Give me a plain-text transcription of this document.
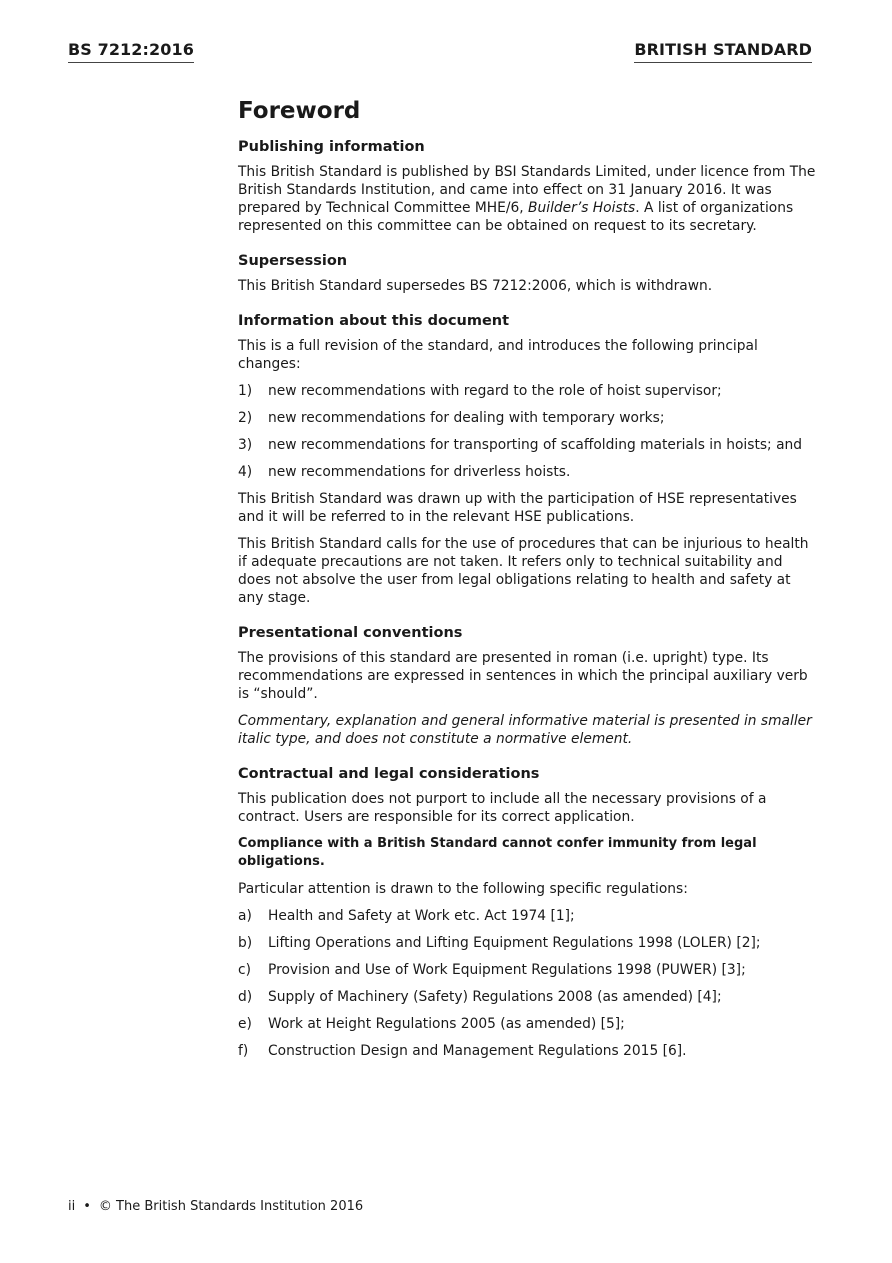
BS 7212:2016	BRITISH STANDARD
Foreword
Publishing information

This British Standard is published by BSI Standards Limited, under licence from The British Standards Institution, and came into effect on 31 January 2016. It was prepared by Technical Committee MHE/6, Builder’s Hoists. A list of organizations represented on this committee can be obtained on request to its secretary.

Supersession

This British Standard supersedes BS 7212:2006, which is withdrawn.

Information about this document

This is a full revision of the standard, and introduces the following principal changes:

1) new recommendations with regard to the role of hoist supervisor;
2) new recommendations for dealing with temporary works;
3) new recommendations for transporting of scaffolding materials in hoists; and
4) new recommendations for driverless hoists.

This British Standard was drawn up with the participation of HSE representatives and it will be referred to in the relevant HSE publications.

This British Standard calls for the use of procedures that can be injurious to health if adequate precautions are not taken. It refers only to technical suitability and does not absolve the user from legal obligations relating to health and safety at any stage.

Presentational conventions

The provisions of this standard are presented in roman (i.e. upright) type. Its recommendations are expressed in sentences in which the principal auxiliary verb is “should”.

Commentary, explanation and general informative material is presented in smaller italic type, and does not constitute a normative element.

Contractual and legal considerations

This publication does not purport to include all the necessary provisions of a contract. Users are responsible for its correct application.

Compliance with a British Standard cannot confer immunity from legal obligations.

Particular attention is drawn to the following specific regulations:

a) Health and Safety at Work etc. Act 1974 [1];
b) Lifting Operations and Lifting Equipment Regulations 1998 (LOLER) [2];
c) Provision and Use of Work Equipment Regulations 1998 (PUWER) [3];
d) Supply of Machinery (Safety) Regulations 2008 (as amended) [4];
e) Work at Height Regulations 2005 (as amended) [5];
f) Construction Design and Management Regulations 2015 [6].
ii • © The British Standards Institution 2016
